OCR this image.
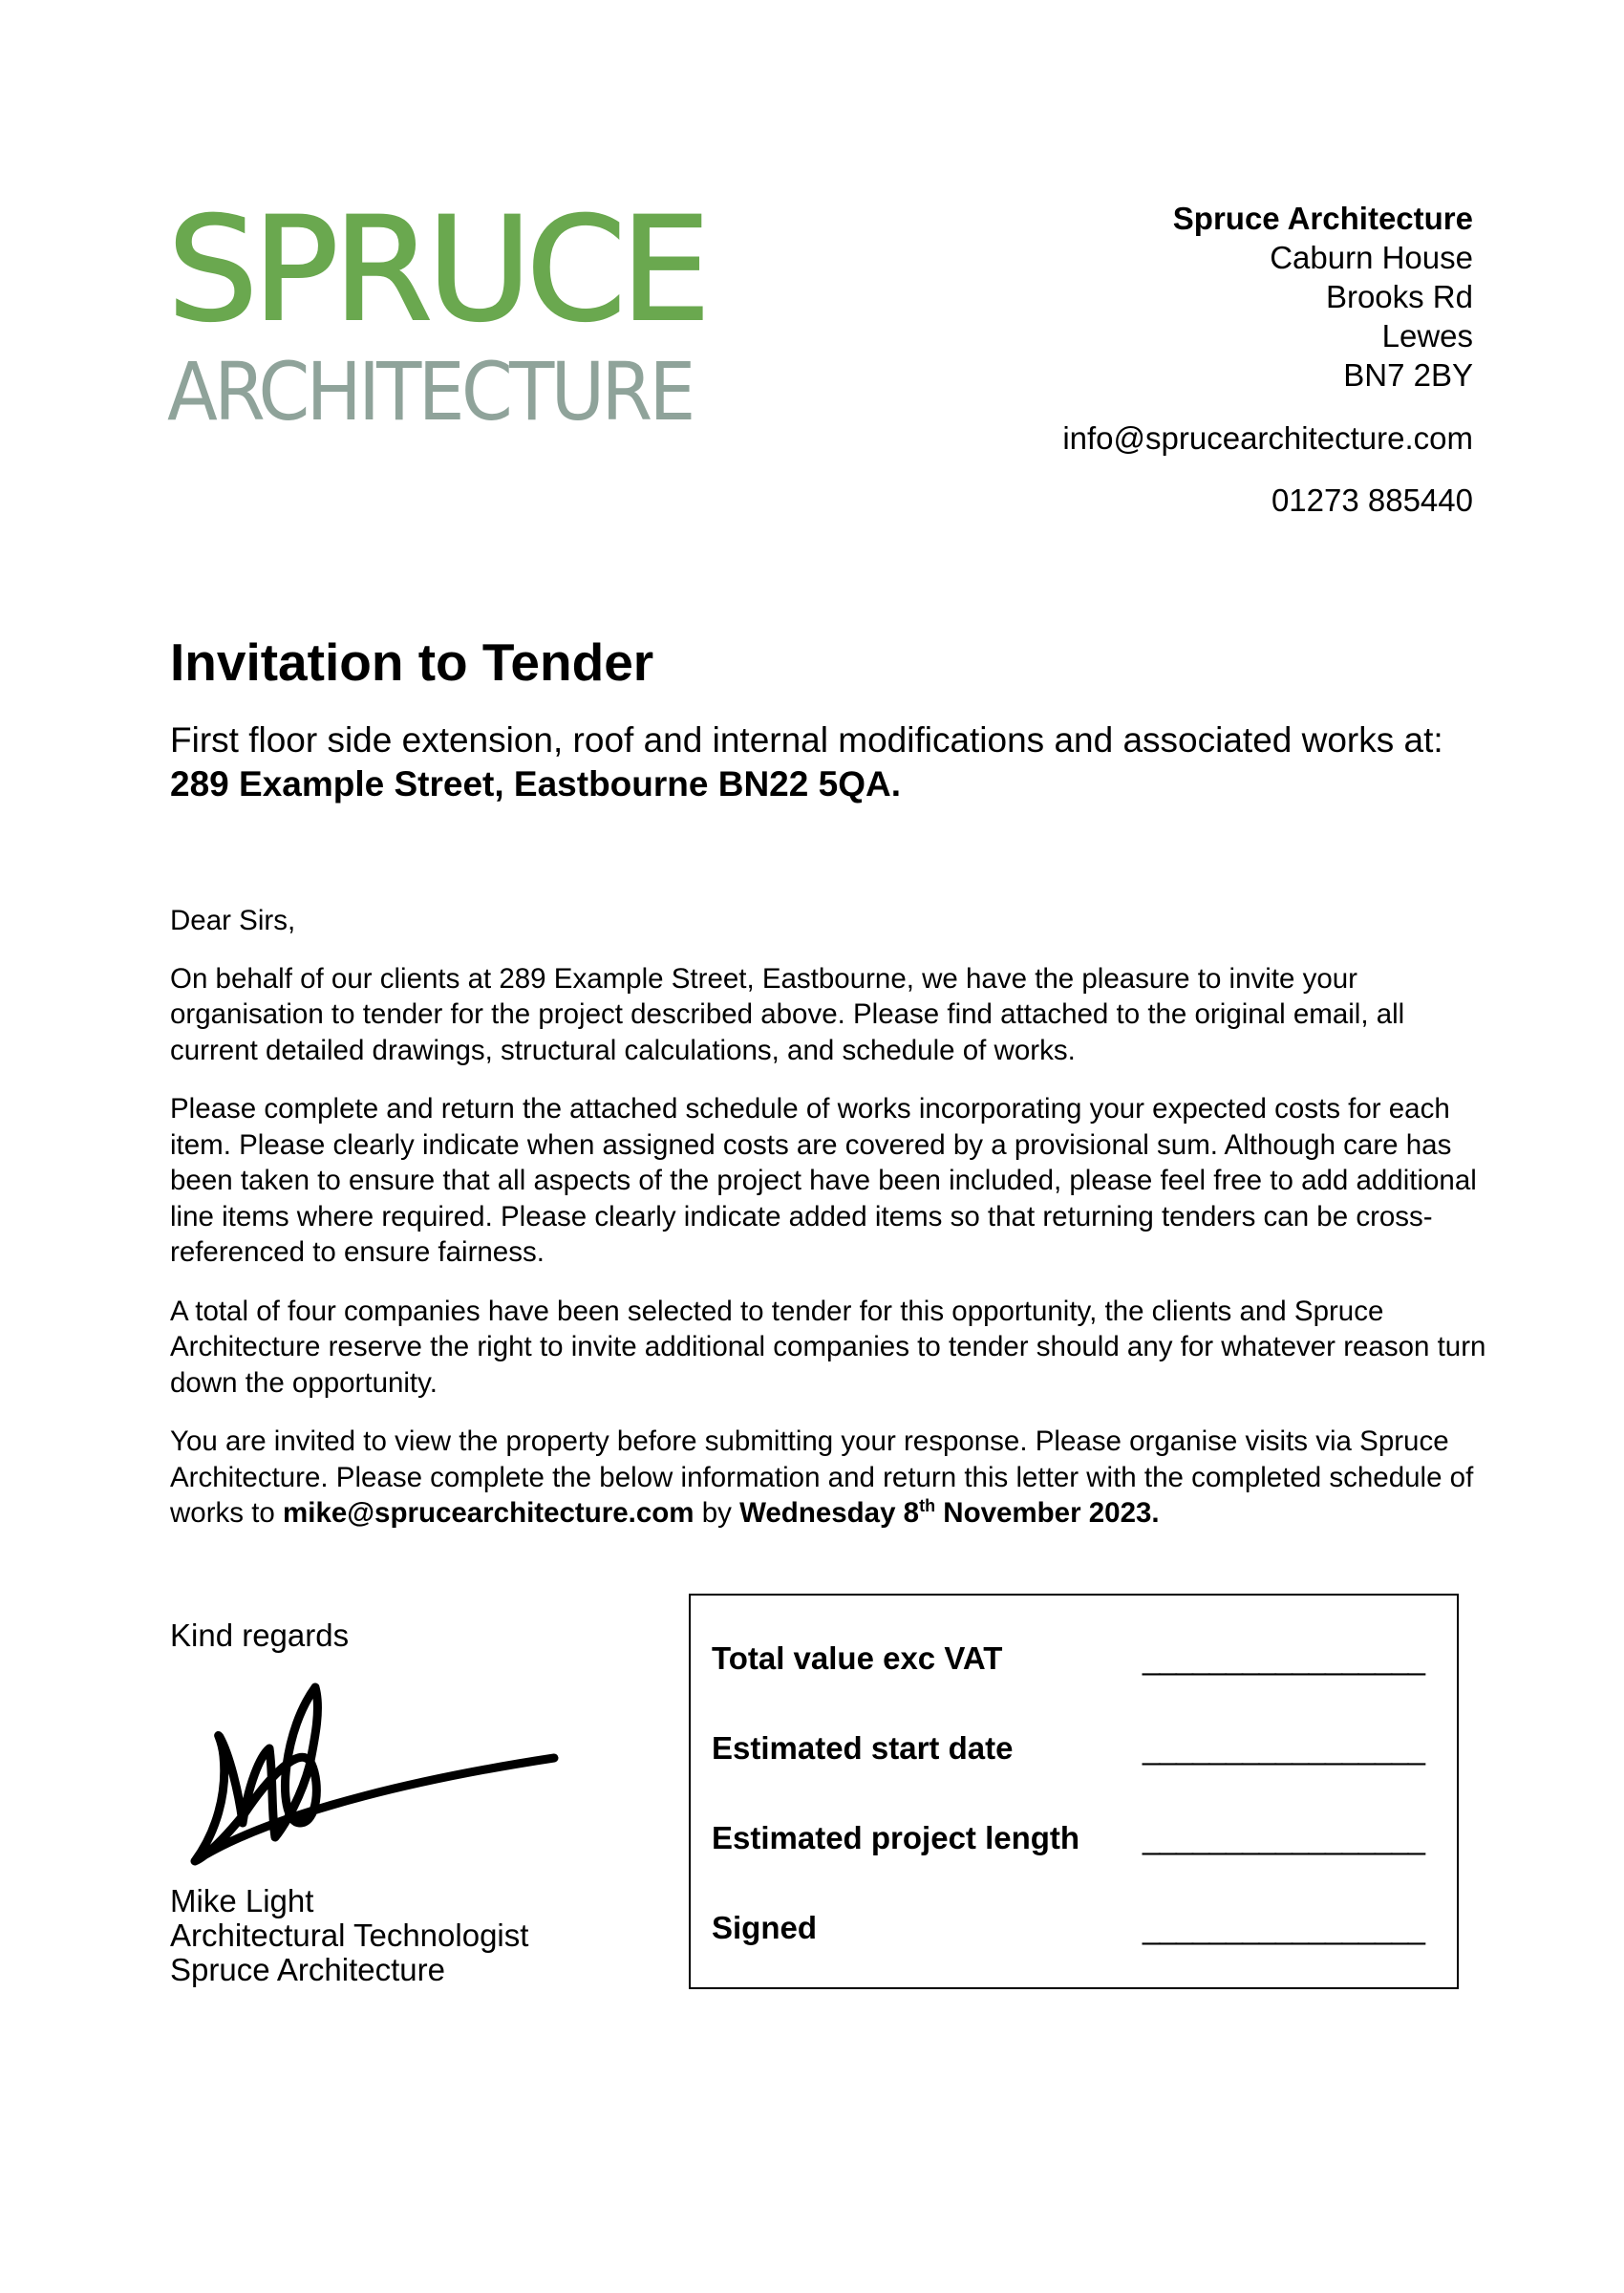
SPRUCE
ARCHITECTURE
Spruce Architecture
Caburn House
Brooks Rd
Lewes
BN7 2BY
info@sprucearchitecture.com
01273 885440
Invitation to Tender
First floor side extension, roof and internal modifications and associated works at:
289 Example Street, Eastbourne BN22 5QA.

Dear Sirs,

On behalf of our clients at 289 Example Street, Eastbourne, we have the pleasure to invite your organisation to tender for the project described above. Please find attached to the original email, all current detailed drawings, structural calculations, and schedule of works.

Please complete and return the attached schedule of works incorporating your expected costs for each item. Please clearly indicate when assigned costs are covered by a provisional sum. Although care has been taken to ensure that all aspects of the project have been included, please feel free to add additional line items where required. Please clearly indicate added items so that returning tenders can be cross-referenced to ensure fairness.

A total of four companies have been selected to tender for this opportunity, the clients and Spruce Architecture reserve the right to invite additional companies to tender should any for whatever reason turn down the opportunity.

You are invited to view the property before submitting your response. Please organise visits via Spruce Architecture. Please complete the below information and return this letter with the completed schedule of works to mike@sprucearchitecture.com by Wednesday 8th November 2023.

Kind regards
Mike Light
Architectural Technologist
Spruce Architecture
Total value exc VAT	_________________
Estimated start date	_________________
Estimated project length _________________
Signed	_________________
